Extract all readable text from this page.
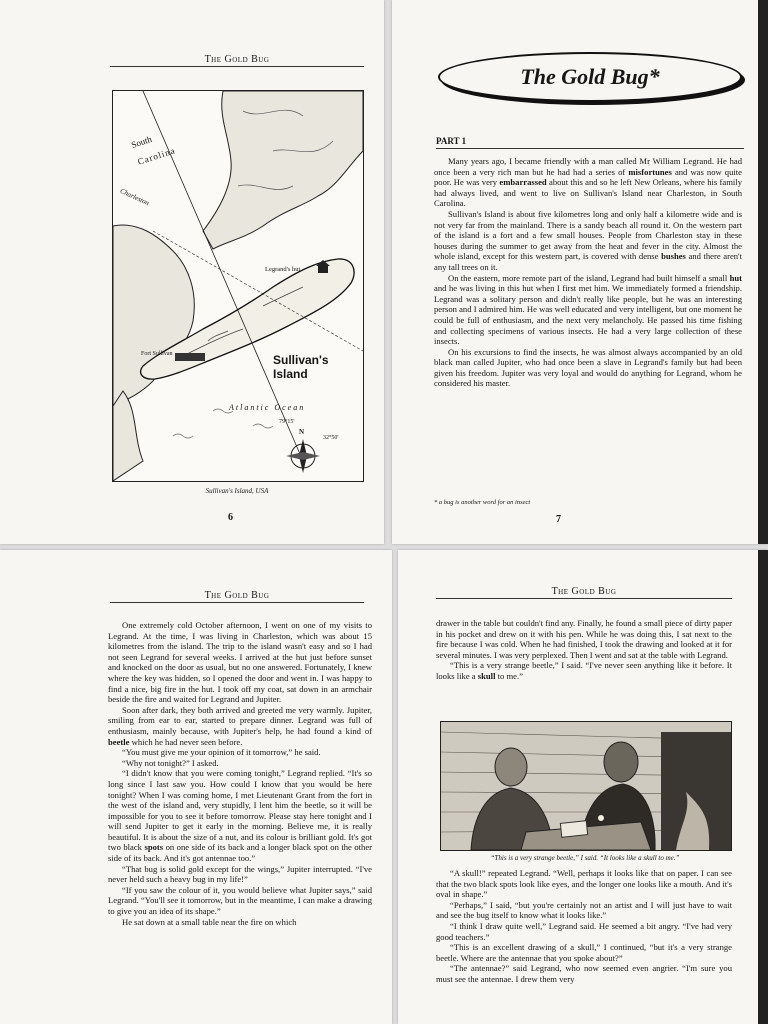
The Gold Bug
South
Carolina
Charleston
Legrand's hut
Fort Sullivan	Sullivan's Island
Atlantic Ocean
79°15'
32°50'
N
Sullivan's Island, USA
6
The Gold Bug*
PART 1

Many years ago, I became friendly with a man called Mr William Legrand. He had once been a very rich man but he had had a series of misfortunes and was now quite poor. He was very embarrassed about this and so he left New Orleans, where his family had always lived, and went to live on Sullivan's Island near Charleston, in South Carolina.

Sullivan's Island is about five kilometres long and only half a kilometre wide and is not very far from the mainland. There is a sandy beach all round it. On the western part of the island is a fort and a few small houses. People from Charleston stay in these houses during the summer to get away from the heat and fever in the city. Almost the whole island, except for this western part, is covered with dense bushes and there aren't any tall trees on it.

On the eastern, more remote part of the island, Legrand had built himself a small hut and he was living in this hut when I first met him. We immediately formed a friendship. Legrand was a solitary person and didn't really like people, but he was an interesting person and I admired him. He was well educated and very intelligent, but one moment he could be full of enthusiasm, and the next very melancholy. He passed his time fishing and collecting specimens of various insects. He had a very large collection of these insects.

On his excursions to find the insects, he was almost always accompanied by an old black man called Jupiter, who had once been a slave in Legrand's family but had been given his freedom. Jupiter was very loyal and would do anything for Legrand, whom he considered his master.

* a bug is another word for an insect
7
The Gold Bug

One extremely cold October afternoon, I went on one of my visits to Legrand. At the time, I was living in Charleston, which was about 15 kilometres from the island. The trip to the island wasn't easy and so I had not seen Legrand for several weeks. I arrived at the hut just before sunset and knocked on the door as usual, but no one answered. Fortunately, I knew where the key was hidden, so I opened the door and went in. I was happy to find a nice, big fire in the hut. I took off my coat, sat down in an armchair beside the fire and waited for Legrand and Jupiter.

Soon after dark, they both arrived and greeted me very warmly. Jupiter, smiling from ear to ear, started to prepare dinner. Legrand was full of enthusiasm, mainly because, with Jupiter's help, he had found a kind of beetle which he had never seen before.

“You must give me your opinion of it tomorrow,” he said.

“Why not tonight?” I asked.

“I didn't know that you were coming tonight,” Legrand replied. “It's so long since I last saw you. How could I know that you would be here tonight? When I was coming home, I met Lieutenant Grant from the fort in the west of the island and, very stupidly, I lent him the beetle, so it will be impossible for you to see it before tomorrow. Please stay here tonight and I will send Jupiter to get it early in the morning. Believe me, it is really beautiful. It is about the size of a nut, and its colour is brilliant gold. It's got two black spots on one side of its back and a longer black spot on the other side of its back. And it's got antennae too.”

“That bug is solid gold except for the wings,” Jupiter interrupted. “I've never held such a heavy bug in my life!”

“If you saw the colour of it, you would believe what Jupiter says,” said Legrand. “You'll see it tomorrow, but in the meantime, I can make a drawing to give you an idea of its shape.”

He sat down at a small table near the fire on which

The Gold Bug

drawer in the table but couldn't find any. Finally, he found a small piece of dirty paper in his pocket and drew on it with his pen. While he was doing this, I sat next to the fire because I was cold. When he had finished, I took the drawing and looked at it for several minutes. I was very perplexed. Then I went and sat at the table with Legrand.

“This is a very strange beetle,” I said. “I've never seen anything like it before. It looks like a skull to me.”

“This is a very strange beetle,” I said. “It looks like a skull to me.”

“A skull!” repeated Legrand. “Well, perhaps it looks like that on paper. I can see that the two black spots look like eyes, and the longer one looks like a mouth. And it's oval in shape.”

“Perhaps,” I said, “but you're certainly not an artist and I will just have to wait and see the bug itself to know what it looks like.”

“I think I draw quite well,” Legrand said. He seemed a bit angry. “I've had very good teachers.”

“This is an excellent drawing of a skull,” I continued, “but it's a very strange beetle. Where are the antennae that you spoke about?”

“The antennae?” said Legrand, who now seemed even angrier. “I'm sure you must see the antennae. I drew them very
